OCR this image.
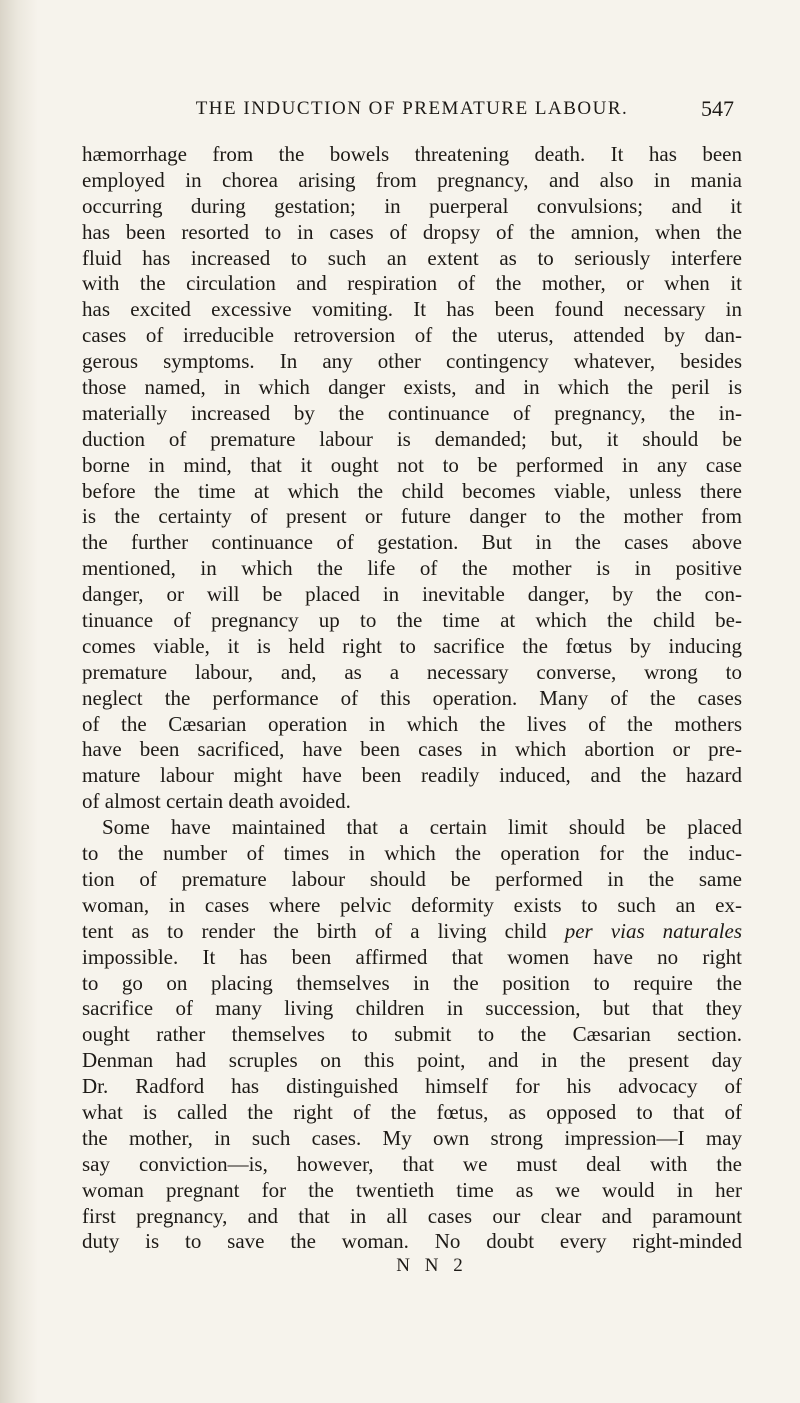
THE INDUCTION OF PREMATURE LABOUR.	547
hæmorrhage from the bowels threatening death. It has been
employed in chorea arising from pregnancy, and also in mania
occurring during gestation; in puerperal convulsions; and it
has been resorted to in cases of dropsy of the amnion, when the
fluid has increased to such an extent as to seriously interfere
with the circulation and respiration of the mother, or when it
has excited excessive vomiting. It has been found necessary in
cases of irreducible retroversion of the uterus, attended by dan-
gerous symptoms. In any other contingency whatever, besides
those named, in which danger exists, and in which the peril is
materially increased by the continuance of pregnancy, the in-
duction of premature labour is demanded; but, it should be
borne in mind, that it ought not to be performed in any case
before the time at which the child becomes viable, unless there
is the certainty of present or future danger to the mother from
the further continuance of gestation. But in the cases above
mentioned, in which the life of the mother is in positive
danger, or will be placed in inevitable danger, by the con-
tinuance of pregnancy up to the time at which the child be-
comes viable, it is held right to sacrifice the fœtus by inducing
premature labour, and, as a necessary converse, wrong to
neglect the performance of this operation. Many of the cases
of the Cæsarian operation in which the lives of the mothers
have been sacrificed, have been cases in which abortion or pre-
mature labour might have been readily induced, and the hazard
of almost certain death avoided.
Some have maintained that a certain limit should be placed
to the number of times in which the operation for the induc-
tion of premature labour should be performed in the same
woman, in cases where pelvic deformity exists to such an ex-
tent as to render the birth of a living child per vias naturales
impossible. It has been affirmed that women have no right
to go on placing themselves in the position to require the
sacrifice of many living children in succession, but that they
ought rather themselves to submit to the Cæsarian section.
Denman had scruples on this point, and in the present day
Dr. Radford has distinguished himself for his advocacy of
what is called the right of the fœtus, as opposed to that of
the mother, in such cases. My own strong impression—I may
say conviction—is, however, that we must deal with the
woman pregnant for the twentieth time as we would in her
first pregnancy, and that in all cases our clear and paramount
duty is to save the woman. No doubt every right-minded
N N 2
